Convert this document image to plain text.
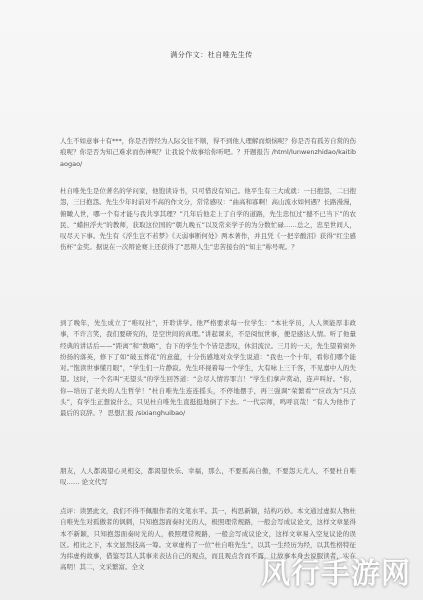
满分作文：杜自唯先生传

人生不如意事十有***，你是否曾经为人际交往不顺，得不到他人理解而烦恼呢？你是否有孤芳自赏的伤痕呢？你是否为知己难求而伤神呢？让我说个故事给你听吧。？开题报告 /html/lunwenzhidao/kaitibaogao/

杜自唯先生是位著名的学问家，他饱读诗书，只可惜没有知己。他平生有三大成就：一曰抱怨，二曰抱怨，三曰抱怨。先生少年时前对不高的作文分，常常感叹：“曲高和寡啊！高山流水如何遇？长路漫漫，俯瞰人世，哪一个有才能与我共享其理？”几年后他走上了自学的道路，先生忠恒过“撼不已当下”的农民、“蜡担浮夫”的教师，获取这位国的“朝九晚五”以及常来学子的为分数忙碌……总之，忠至世间人，叹尽天下事。先生有《浮生岂不若梦》《天弱事断何处》两本著作，并且凭《一把辛酸泪》获得“红尘感伤杯”金奖。据说在一次辩论赛上还获得了“思辩人生”忠苦接台的“知主”称号呢。？

到了晚年，先生成立了“唯叹社”，开聆讲学。他严格要求每一位学生：“本社学员，人人须能厚非政事，不许言笑，我们要研究的，是空世间的真理。”讲起课来，不是阅恒世事，便是感达人情。听了他量经典的讲话后——“距离”和“数略”，台下的学生个个皆是悲叹，休泪流泣。三月的一天，先生望着窗外纷扬的落英，修下了如“破玉葬花”的意蕴，十分伤感地对众学生说道：“我也一个十年，看你们哪个能对。”饱读世事懂月眼”，“学生们一片静寂。先生环视着每一个学生，大有咏上三千客，不见嘉中人的失望。这时，一个名叫“无望头”的学生回答道：“会尽人情容罪言！”学生们拿声赏动，连声叫好。“你，你—培历了老夫的人生哲学！”杜自唯先生连连摇头，不停地摆手，再三强调“荣繁看”“应改为”只点头”，有学生正想说什么，只见杜自唯先生直挺挺地倒了下去。“一代宗师，鸣呼哀哉！”有人为他作了最后的哀辞。？ 思想汇报 /sixianghuibao/

朋友，人人都渴望心灵相交，都渴望快乐、幸福，那么，不要孤高自傲，不要怨天尤人，不要杜自唯叹…… 论文代写

点评：读罢此文，我们不得不佩服作者的文笔水平。其一，构思新颖，结构巧妙。本文通过虚拟人物杜自唯先生对孤傲者的讽刺，只知抱怨面奏时光的人，极照理常规路，一般会写成议论文，这样文章显得本不新颖，只知抱怨面奏时光的人，极照理常规路，一般会写成议论文，这样文章易入空复议论的误区。相比之下，本文显然技高一筹。文章虚构了一位“杜自唯先生”，以其一生经历为经，以其性格特征为纬虚构故事，借鉴写其人其事来表达自己的观点，而且观点含而不露，让故事本身去说服读者，实在高明！其二，文采繁富。全文	风行手游网
